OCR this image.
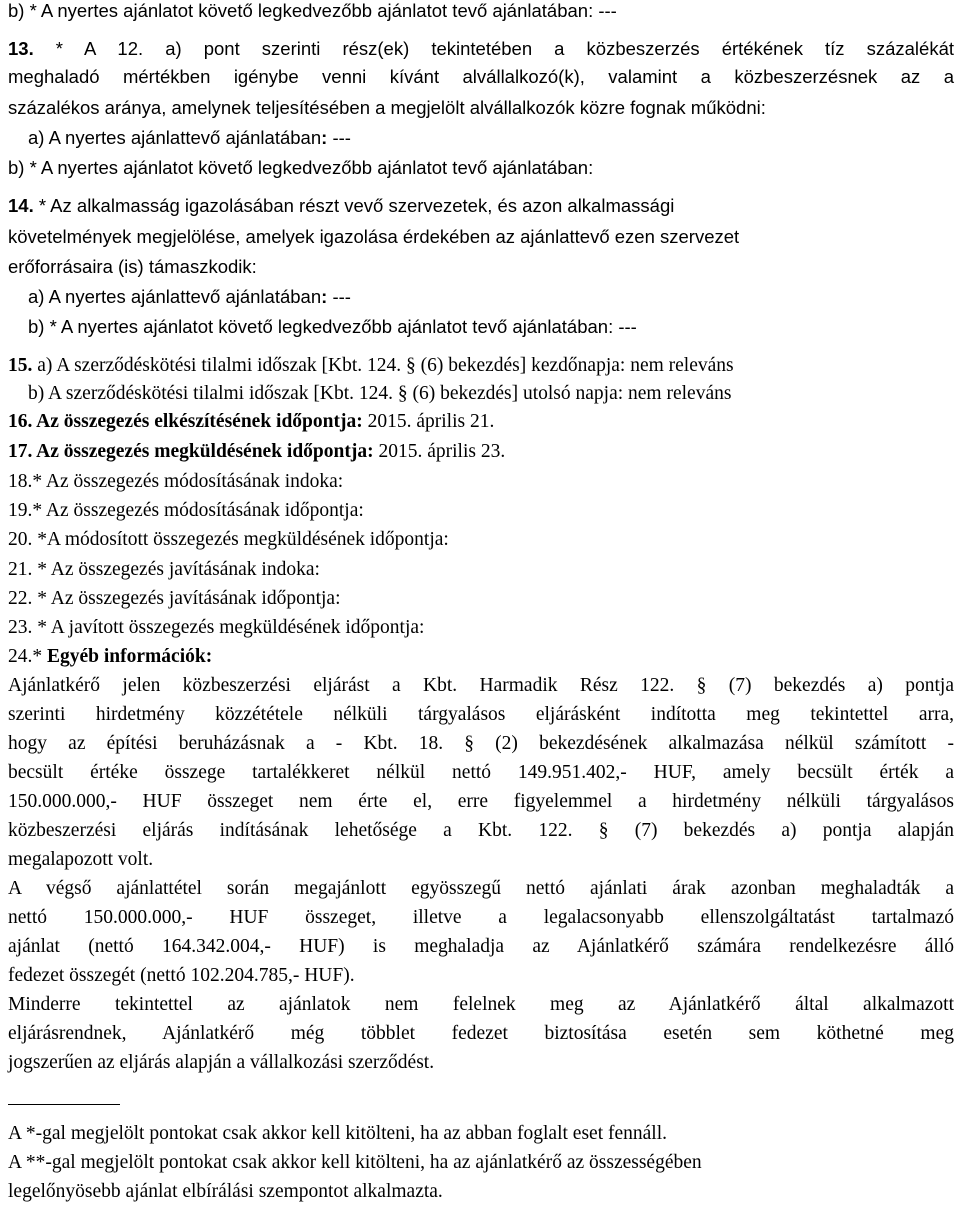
b) * A nyertes ajánlatot követő legkedvezőbb ajánlatot tevő ajánlatában: ---

13. * A 12. a) pont szerinti rész(ek) tekintetében a közbeszerzés értékének tíz százalékát

meghaladó mértékben igénybe venni kívánt alvállalkozó(k), valamint a közbeszerzésnek az a

százalékos aránya, amelynek teljesítésében a megjelölt alvállalkozók közre fognak működni:

a) A nyertes ajánlattevő ajánlatában: ---

b) * A nyertes ajánlatot követő legkedvezőbb ajánlatot tevő ajánlatában:

14. * Az alkalmasság igazolásában részt vevő szervezetek, és azon alkalmassági

követelmények megjelölése, amelyek igazolása érdekében az ajánlattevő ezen szervezet

erőforrásaira (is) támaszkodik:

a) A nyertes ajánlattevő ajánlatában: ---

b) * A nyertes ajánlatot követő legkedvezőbb ajánlatot tevő ajánlatában: ---

15. a) A szerződéskötési tilalmi időszak [Kbt. 124. § (6) bekezdés] kezdőnapja: nem releváns

b) A szerződéskötési tilalmi időszak [Kbt. 124. § (6) bekezdés] utolsó napja: nem releváns

16. Az összegezés elkészítésének időpontja: 2015. április 21.

17. Az összegezés megküldésének időpontja: 2015. április 23.

18.* Az összegezés módosításának indoka:

19.* Az összegezés módosításának időpontja:

20. *A módosított összegezés megküldésének időpontja:

21. * Az összegezés javításának indoka:

22. * Az összegezés javításának időpontja:

23. * A javított összegezés megküldésének időpontja:

24.* Egyéb információk:

Ajánlatkérő jelen közbeszerzési eljárást a Kbt. Harmadik Rész 122. § (7) bekezdés a) pontja

szerinti hirdetmény közzététele nélküli tárgyalásos eljárásként indította meg tekintettel arra,

hogy az építési beruházásnak a - Kbt. 18. § (2) bekezdésének alkalmazása nélkül számított -

becsült értéke összege tartalékkeret nélkül nettó 149.951.402,- HUF, amely becsült érték a

150.000.000,- HUF összeget nem érte el, erre figyelemmel a hirdetmény nélküli tárgyalásos

közbeszerzési eljárás indításának lehetősége a Kbt. 122. § (7) bekezdés a) pontja alapján

megalapozott volt.

A végső ajánlattétel során megajánlott egyösszegű nettó ajánlati árak azonban meghaladták a

nettó 150.000.000,- HUF összeget, illetve a legalacsonyabb ellenszolgáltatást tartalmazó

ajánlat (nettó 164.342.004,- HUF) is meghaladja az Ajánlatkérő számára rendelkezésre álló

fedezet összegét (nettó 102.204.785,- HUF).

Minderre tekintettel az ajánlatok nem felelnek meg az Ajánlatkérő által alkalmazott

eljárásrendnek, Ajánlatkérő még többlet fedezet biztosítása esetén sem köthetné meg

jogszerűen az eljárás alapján a vállalkozási szerződést.

A *-gal megjelölt pontokat csak akkor kell kitölteni, ha az abban foglalt eset fennáll.

A **-gal megjelölt pontokat csak akkor kell kitölteni, ha az ajánlatkérő az összességében

legelőnyösebb ajánlat elbírálási szempontot alkalmazta.
